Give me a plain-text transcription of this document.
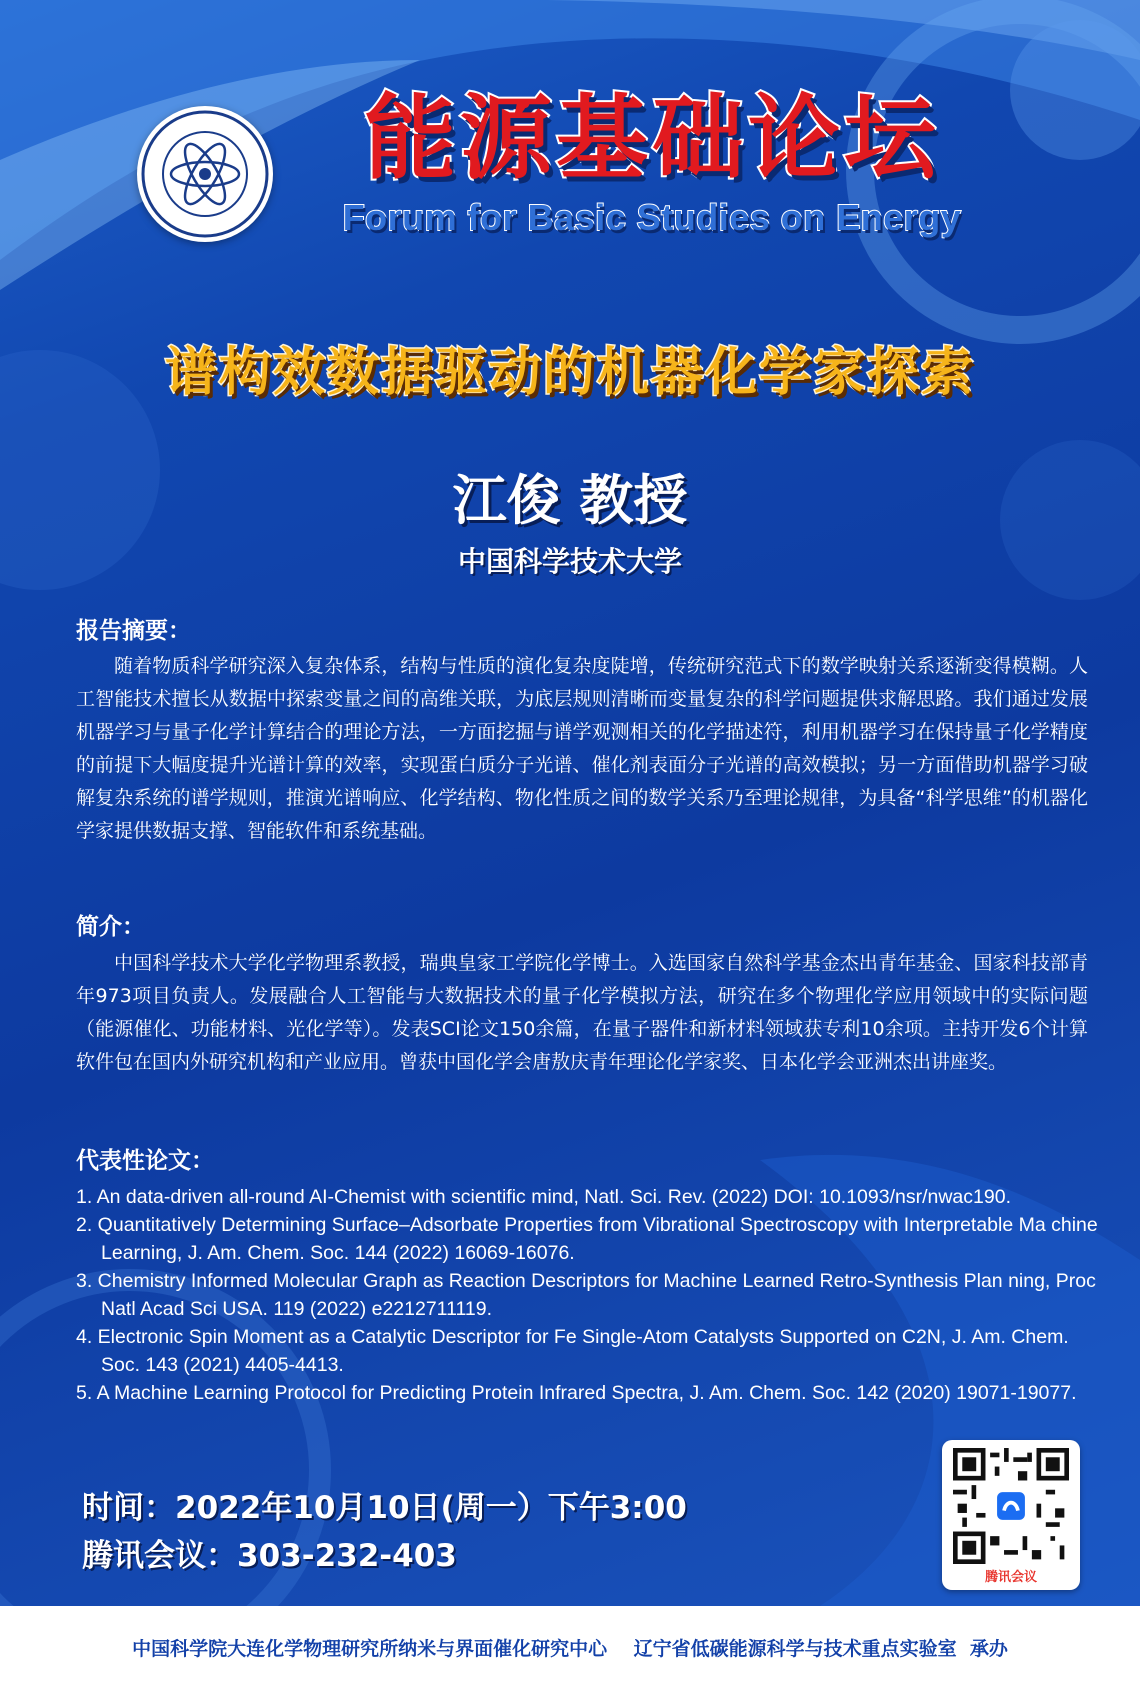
能源基础论坛
Forum for Basic Studies on Energy
谱构效数据驱动的机器化学家探索
江俊 教授
中国科学技术大学
报告摘要：
随着物质科学研究深入复杂体系，结构与性质的演化复杂度陡增，传统研究范式下的数学映射关系逐渐变得模糊。人工智能技术擅长从数据中探索变量之间的高维关联，为底层规则清晰而变量复杂的科学问题提供求解思路。我们通过发展机器学习与量子化学计算结合的理论方法，一方面挖掘与谱学观测相关的化学描述符，利用机器学习在保持量子化学精度的前提下大幅度提升光谱计算的效率，实现蛋白质分子光谱、催化剂表面分子光谱的高效模拟；另一方面借助机器学习破解复杂系统的谱学规则，推演光谱响应、化学结构、物化性质之间的数学关系乃至理论规律，为具备“科学思维”的机器化学家提供数据支撑、智能软件和系统基础。
简介：
中国科学技术大学化学物理系教授，瑞典皇家工学院化学博士。入选国家自然科学基金杰出青年基金、国家科技部青年973项目负责人。发展融合人工智能与大数据技术的量子化学模拟方法，研究在多个物理化学应用领域中的实际问题（能源催化、功能材料、光化学等）。发表SCI论文150余篇，在量子器件和新材料领域获专利10余项。主持开发6个计算软件包在国内外研究机构和产业应用。曾获中国化学会唐敖庆青年理论化学家奖、日本化学会亚洲杰出讲座奖。
代表性论文：
1. An data-driven all-round AI-Chemist with scientific mind, Natl. Sci. Rev. (2022) DOI: 10.1093/nsr/nwac190.
2. Quantitatively Determining Surface–Adsorbate Properties from Vibrational Spectroscopy with Interpretable Ma chine Learning, J. Am. Chem. Soc. 144 (2022) 16069-16076.
3. Chemistry Informed Molecular Graph as Reaction Descriptors for Machine Learned Retro-Synthesis Plan ning, Proc Natl Acad Sci USA. 119 (2022) e2212711119.
4. Electronic Spin Moment as a Catalytic Descriptor for Fe Single-Atom Catalysts Supported on C2N, J. Am. Chem. Soc. 143 (2021) 4405-4413.
5. A Machine Learning Protocol for Predicting Protein Infrared Spectra, J. Am. Chem. Soc. 142 (2020) 19071-19077.
时间：2022年10月10日(周一）下午3:00
腾讯会议：303-232-403
腾讯会议
中国科学院大连化学物理研究所纳米与界面催化研究中心    辽宁省低碳能源科学与技术重点实验室  承办
